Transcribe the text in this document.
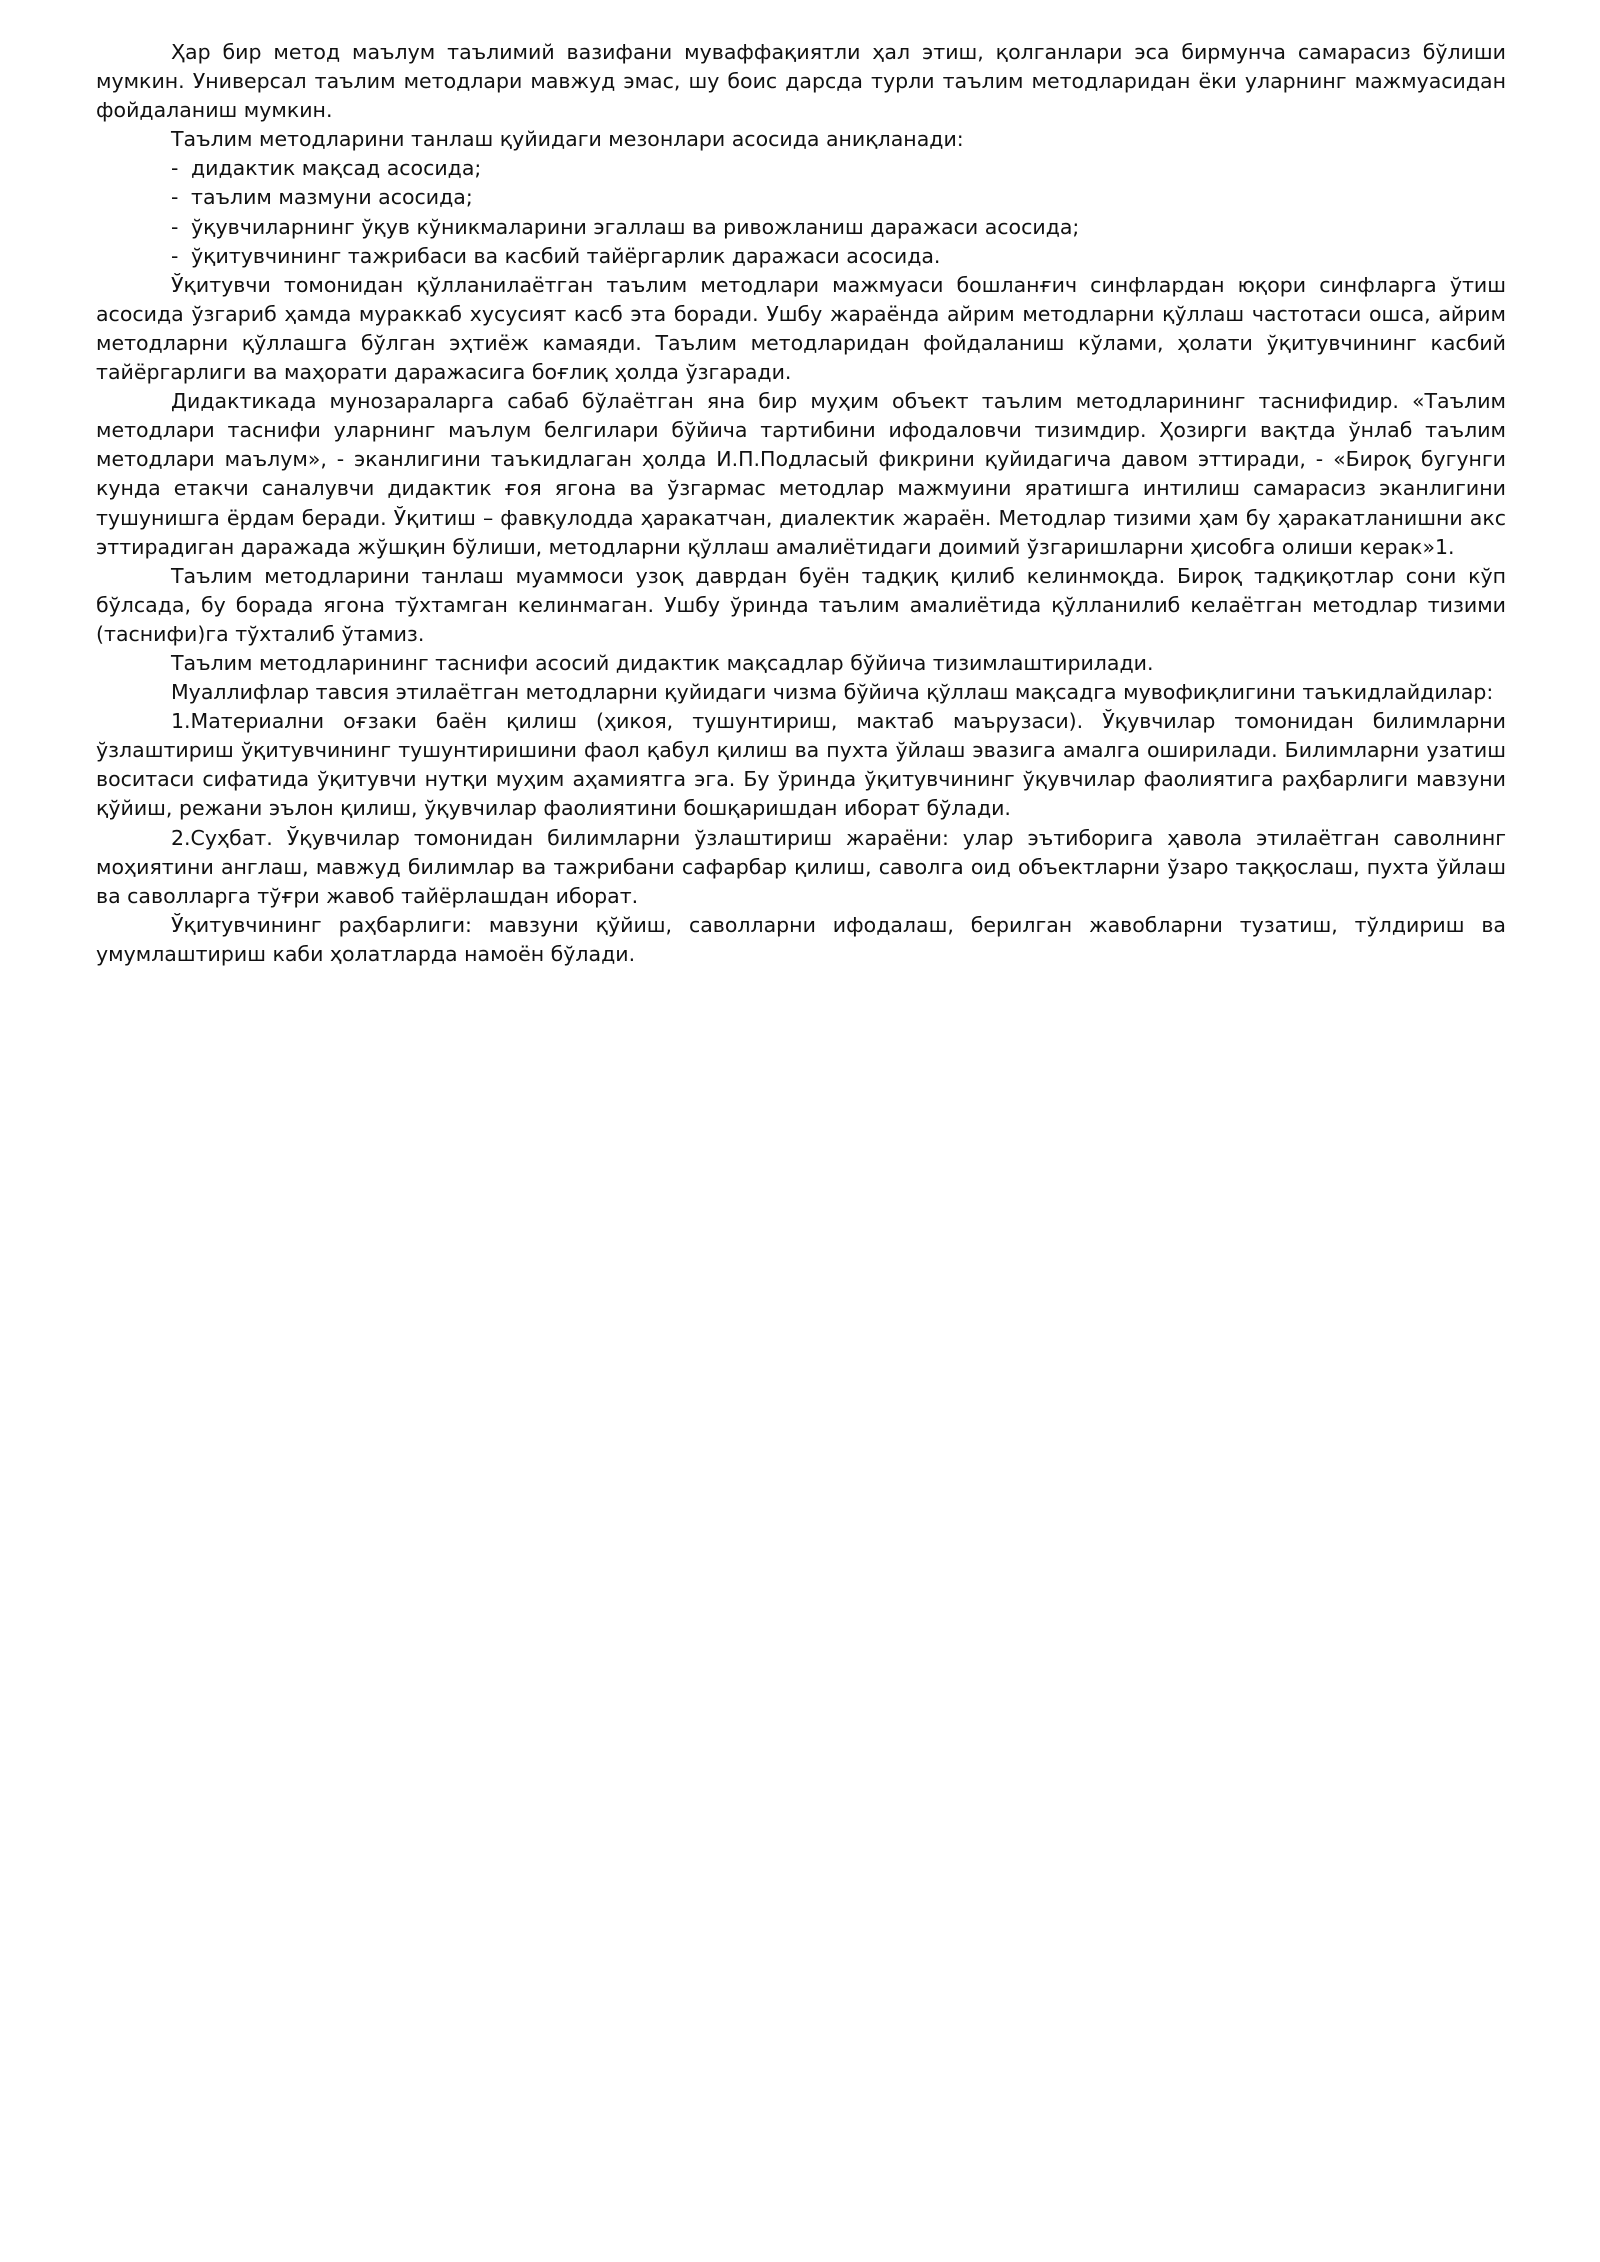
Ҳар бир метод маълум таълимий вазифани муваффақиятли ҳал этиш, қолганлари эса бирмунча самарасиз бўлиши мумкин. Универсал таълим методлари мавжуд эмас, шу боис дарсда турли таълим методларидан ёки уларнинг мажмуасидан фойдаланиш мумкин.

Таълим методларини танлаш қуйидаги мезонлари асосида аниқланади:

- дидактик мақсад асосида;
- таълим мазмуни асосида;
- ўқувчиларнинг ўқув кўникмаларини эгаллаш ва ривожланиш даражаси асосида;
- ўқитувчининг тажрибаси ва касбий тайёргарлик даражаси асосида.

Ўқитувчи томонидан қўлланилаётган таълим методлари мажмуаси бошланғич синфлардан юқори синфларга ўтиш асосида ўзгариб ҳамда мураккаб хусусият касб эта боради. Ушбу жараёнда айрим методларни қўллаш частотаси ошса, айрим методларни қўллашга бўлган эҳтиёж камаяди. Таълим методларидан фойдаланиш кўлами, ҳолати ўқитувчининг касбий тайёргарлиги ва маҳорати даражасига боғлиқ ҳолда ўзгаради.

Дидактикада мунозараларга сабаб бўлаётган яна бир муҳим объект таълим методларининг таснифидир. «Таълим методлари таснифи уларнинг маълум белгилари бўйича тартибини ифодаловчи тизимдир. Ҳозирги вақтда ўнлаб таълим методлари маълум», - эканлигини таъкидлаган ҳолда И.П.Подласый фикрини қуйидагича давом эттиради, - «Бироқ бугунги кунда етакчи саналувчи дидактик ғоя ягона ва ўзгармас методлар мажмуини яратишга интилиш самарасиз эканлигини тушунишга ёрдам беради. Ўқитиш – фавқулодда ҳаракатчан, диалектик жараён. Методлар тизими ҳам бу ҳаракатланишни акс эттирадиган даражада жўшқин бўлиши, методларни қўллаш амалиётидаги доимий ўзгаришларни ҳисобга олиши керак»1.

Таълим методларини танлаш муаммоси узоқ даврдан буён тадқиқ қилиб келинмоқда. Бироқ тадқиқотлар сони кўп бўлсада, бу борада ягона тўхтамган келинмаган. Ушбу ўринда таълим амалиётида қўлланилиб келаётган методлар тизими (таснифи)га тўхталиб ўтамиз.

Таълим методларининг таснифи асосий дидактик мақсадлар бўйича тизимлаштирилади.

Муаллифлар тавсия этилаётган методларни қуйидаги чизма бўйича қўллаш мақсадга мувофиқлигини таъкидлайдилар:

1.Материални оғзаки баён қилиш (ҳикоя, тушунтириш, мактаб маърузаси). Ўқувчилар томонидан билимларни ўзлаштириш ўқитувчининг тушунтиришини фаол қабул қилиш ва пухта ўйлаш эвазига амалга оширилади. Билимларни узатиш воситаси сифатида ўқитувчи нутқи муҳим аҳамиятга эга. Бу ўринда ўқитувчининг ўқувчилар фаолиятига раҳбарлиги мавзуни қўйиш, режани эълон қилиш, ўқувчилар фаолиятини бошқаришдан иборат бўлади.

2.Суҳбат. Ўқувчилар томонидан билимларни ўзлаштириш жараёни: улар эътиборига ҳавола этилаётган саволнинг моҳиятини англаш, мавжуд билимлар ва тажрибани сафарбар қилиш, саволга оид объектларни ўзаро таққослаш, пухта ўйлаш ва саволларга тўғри жавоб тайёрлашдан иборат.

Ўқитувчининг раҳбарлиги: мавзуни қўйиш, саволларни ифодалаш, берилган жавобларни тузатиш, тўлдириш ва умумлаштириш каби ҳолатларда намоён бўлади.
